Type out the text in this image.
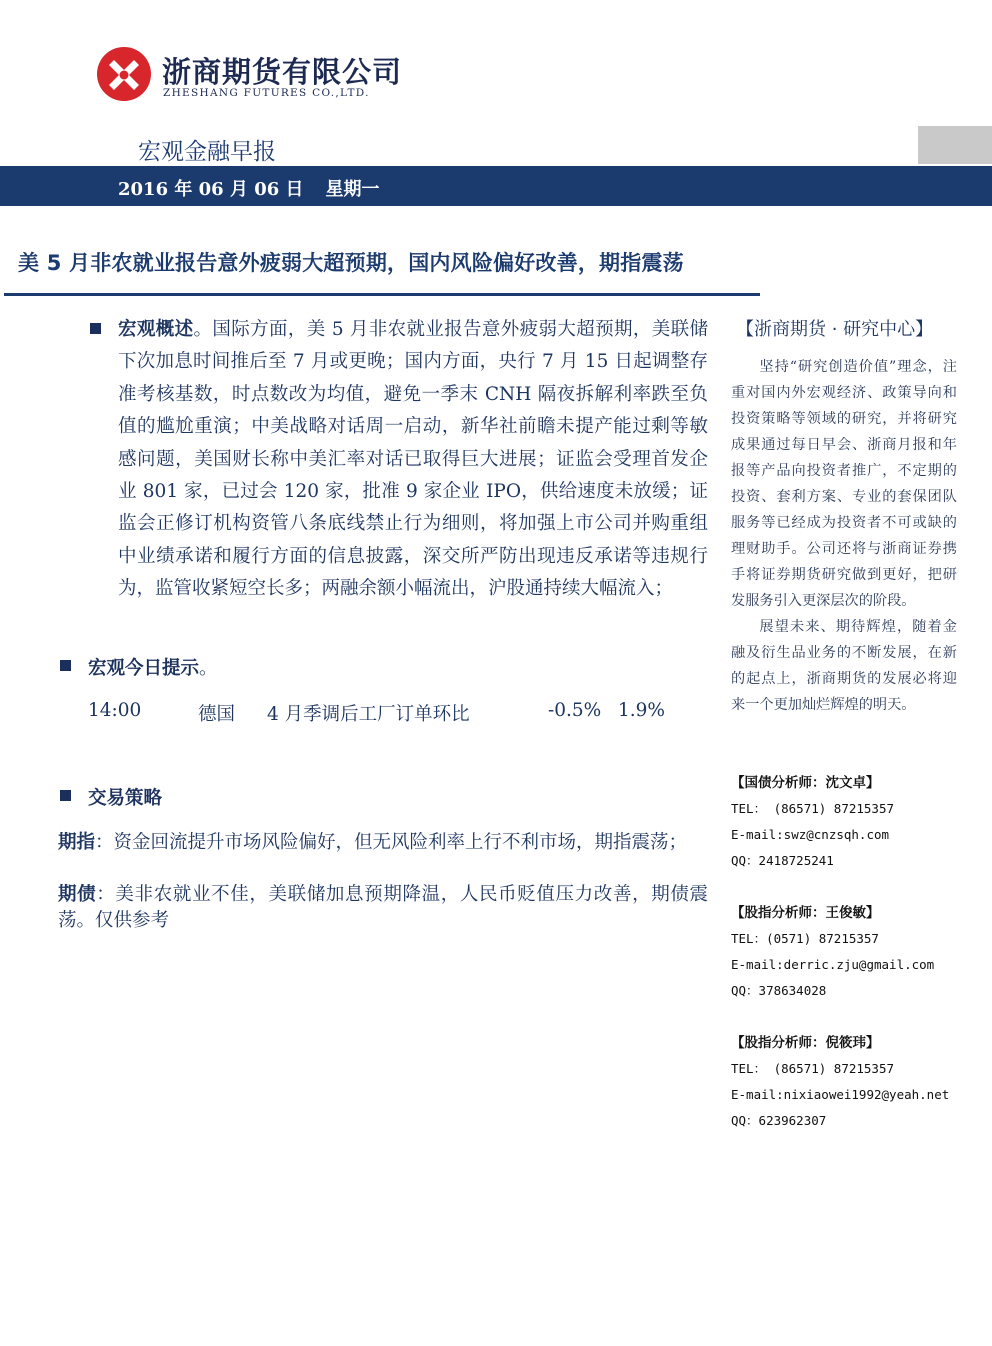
浙商期货有限公司
ZHESHANG FUTURES CO.,LTD.
宏观金融早报
2016 年 06 月 06 日 星期一
美 5 月非农就业报告意外疲弱大超预期，国内风险偏好改善，期指震荡
宏观概述。国际方面，美 5 月非农就业报告意外疲弱大超预期，美联储下次加息时间推后至 7 月或更晚；国内方面，央行 7 月 15 日起调整存准考核基数，时点数改为均值，避免一季末 CNH 隔夜拆解利率跌至负值的尴尬重演；中美战略对话周一启动，新华社前瞻未提产能过剩等敏感问题，美国财长称中美汇率对话已取得巨大进展；证监会受理首发企业 801 家，已过会 120 家，批准 9 家企业 IPO，供给速度未放缓；证监会正修订机构资管八条底线禁止行为细则，将加强上市公司并购重组中业绩承诺和履行方面的信息披露，深交所严防出现违反承诺等违规行为，监管收紧短空长多；两融余额小幅流出，沪股通持续大幅流入；
宏观今日提示。
14:00	德国 4 月季调后工厂订单环比	-0.5% 1.9%
交易策略
期指：资金回流提升市场风险偏好，但无风险利率上行不利市场，期指震荡；
期债：美非农就业不佳，美联储加息预期降温，人民币贬值压力改善，期债震荡。仅供参考
【浙商期货 · 研究中心】

坚持“研究创造价值”理念，注重对国内外宏观经济、政策导向和投资策略等领域的研究，并将研究成果通过每日早会、浙商月报和年报等产品向投资者推广，不定期的投资、套利方案、专业的套保团队服务等已经成为投资者不可或缺的理财助手。公司还将与浙商证券携手将证券期货研究做到更好，把研发服务引入更深层次的阶段。

展望未来、期待辉煌，随着金融及衍生品业务的不断发展，在新的起点上，浙商期货的发展必将迎来一个更加灿烂辉煌的明天。

【国债分析师：沈文卓】
TEL： (86571) 87215357
E-mail:swz@cnzsqh.com
QQ：2418725241
【股指分析师：王俊敏】
TEL：(0571) 87215357
E-mail:derric.zju@gmail.com
QQ：378634028
【股指分析师：倪筱玮】
TEL： (86571) 87215357
E-mail:nixiaowei1992@yeah.net
QQ：623962307
